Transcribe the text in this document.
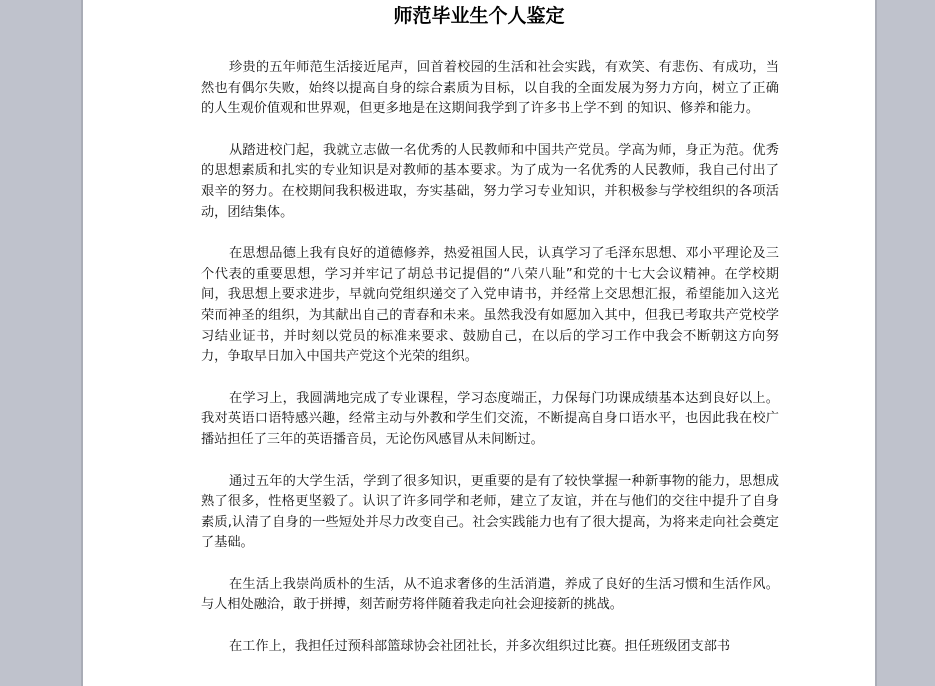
师范毕业生个人鉴定

珍贵的五年师范生活接近尾声，回首着校园的生活和社会实践，有欢笑、有悲伤、有成功，当然也有偶尔失败，始终以提高自身的综合素质为目标，以自我的全面发展为努力方向，树立了正确的人生观价值观和世界观，但更多地是在这期间我学到了许多书上学不到 的知识、修养和能力。

从踏进校门起，我就立志做一名优秀的人民教师和中国共产党员。学高为师，身正为范。优秀的思想素质和扎实的专业知识是对教师的基本要求。为了成为一名优秀的人民教师，我自己付出了艰辛的努力。在校期间我积极进取，夯实基础，努力学习专业知识，并积极参与学校组织的各项活动，团结集体。

在思想品德上我有良好的道德修养，热爱祖国人民，认真学习了毛泽东思想、邓小平理论及三个代表的重要思想，学习并牢记了胡总书记提倡的“八荣八耻”和党的十七大会议精神。在学校期间，我思想上要求进步，早就向党组织递交了入党申请书，并经常上交思想汇报，希望能加入这光荣而神圣的组织，为其献出自己的青春和未来。虽然我没有如愿加入其中，但我已考取共产党校学习结业证书，并时刻以党员的标准来要求、鼓励自己，在以后的学习工作中我会不断朝这方向努力，争取早日加入中国共产党这个光荣的组织。

在学习上，我圆满地完成了专业课程，学习态度端正，力保每门功课成绩基本达到良好以上。我对英语口语特感兴趣，经常主动与外教和学生们交流，不断提高自身口语水平，也因此我在校广播站担任了三年的英语播音员，无论伤风感冒从未间断过。

通过五年的大学生活，学到了很多知识，更重要的是有了较快掌握一种新事物的能力，思想成熟了很多，性格更坚毅了。认识了许多同学和老师，建立了友谊，并在与他们的交往中提升了自身素质,认清了自身的一些短处并尽力改变自己。社会实践能力也有了很大提高，为将来走向社会奠定了基础。

在生活上我崇尚质朴的生活，从不追求奢侈的生活消遣，养成了良好的生活习惯和生活作风。与人相处融洽，敢于拼搏，刻苦耐劳将伴随着我走向社会迎接新的挑战。

在工作上，我担任过预科部篮球协会社团社长，并多次组织过比赛。担任班级团支部书
